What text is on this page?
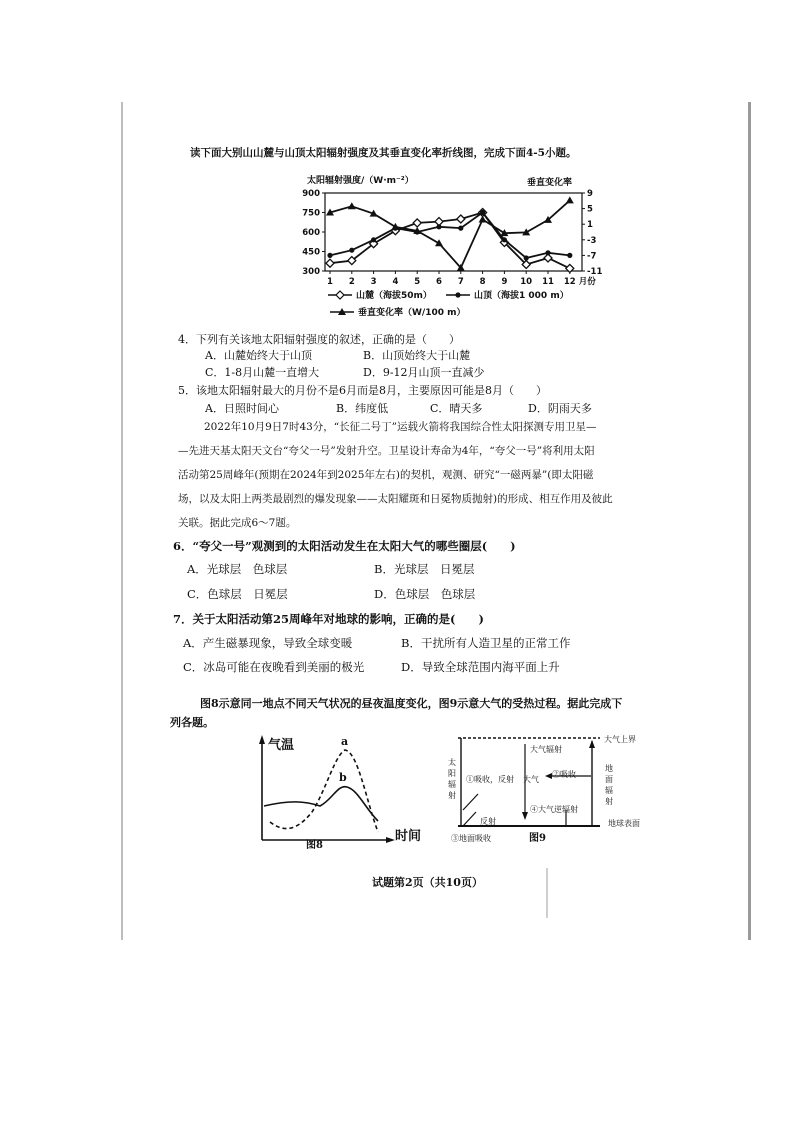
读下面大别山山麓与山顶太阳辐射强度及其垂直变化率折线图，完成下面4-5小题。
900
750
600
450
300
9
5
1
-3
-7
-11
1 2 3 4 5 6 7 8 9 10 11 12 月份
太阳辐射强度/（W·m⁻²）	垂直变化率
山麓（海拔50m）	山顶（海拔1 000 m）
垂直变化率（W/100 m）
4．下列有关该地太阳辐射强度的叙述，正确的是（　　）
A．山麓始终大于山顶	B．山顶始终大于山麓
C．1-8月山麓一直增大	D．9-12月山顶一直减少
5．该地太阳辐射最大的月份不是6月而是8月，主要原因可能是8月（　　）
A．日照时间心	B．纬度低	C．晴天多	D．阴雨天多
2022年10月9日7时43分，“长征二号丁”运载火箭将我国综合性太阳探测专用卫星—
—先进天基太阳天文台“夸父一号”发射升空。卫星设计寿命为4年，“夸父一号”将利用太阳
活动第25周峰年(预期在2024年到2025年左右)的契机，观测、研究“一磁两暴”(即太阳磁
场，以及太阳上两类最剧烈的爆发现象——太阳耀斑和日冕物质抛射)的形成、相互作用及彼此
关联。据此完成6～7题。
6．“夸父一号”观测到的太阳活动发生在太阳大气的哪些圈层(　　)
A．光球层　色球层	B．光球层　日冕层
C．色球层　日冕层	D．色球层　色球层
7．关于太阳活动第25周峰年对地球的影响，正确的是(　　)
A．产生磁暴现象，导致全球变暖	B．干扰所有人造卫星的正常工作
C．冰岛可能在夜晚看到美丽的极光	D．导致全球范围内海平面上升
图8示意同一地点不同天气状况的昼夜温度变化，图9示意大气的受热过程。据此完成下
列各题。
气温
时间
a
b
图8
大气上界
太阳辐射
地面辐射
地球表面
大气辐射
大气
①吸收，反射
②吸收
④大气逆辐射
反射
③地面吸收	图9
试题第2页（共10页）
